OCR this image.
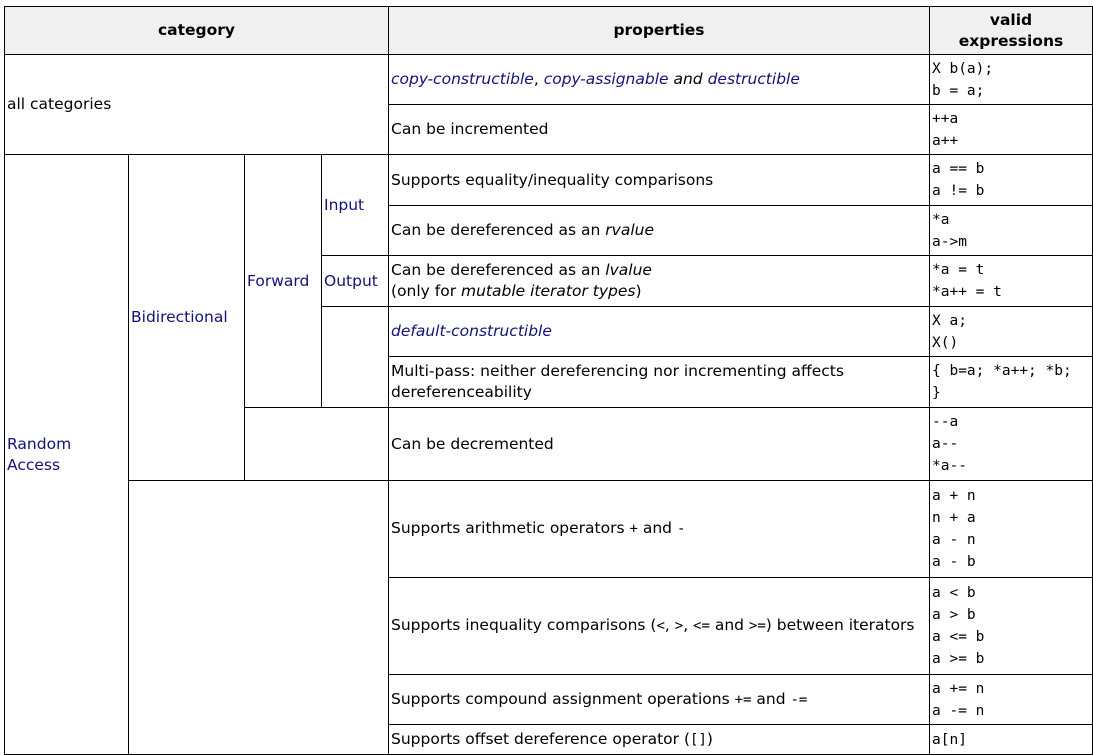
category				properties	valid
expressions

all categories				copy-constructible, copy-assignable and destructible	X b(a);
b = a;

				Can be incremented	++a
a++

Random
Access	Bidirectional	Forward	Input	Supports equality/inequality comparisons	a == b
a != b

				Can be dereferenced as an rvalue	*a
a->m

			Output	Can be dereferenced as an lvalue
(only for mutable iterator types)	*a = t
*a++ = t

				default-constructible	X a;
X()

				Multi-pass: neither dereferencing nor incrementing affects dereferenceability	{ b=a; *a++; *b;
}

				Can be decremented	--a
a--
*a--

				Supports arithmetic operators + and -	a + n
n + a
a - n
a - b

				Supports inequality comparisons (<, >, <= and >=) between iterators	a < b
a > b
a <= b
a >= b

				Supports compound assignment operations += and -=	a += n
a -= n

				Supports offset dereference operator ([])	a[n]
